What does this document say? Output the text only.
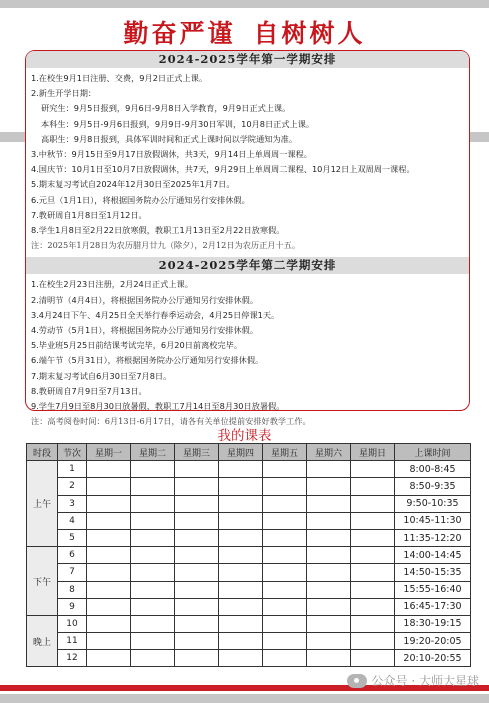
勤奋严谨 自树树人
2024-2025学年第一学期安排
1.在校生9月1日注册、交费，9月2日正式上课。
2.新生开学日期：
研究生：9月5日报到，9月6日-9月8日入学教育，9月9日正式上课。
本科生：9月5日-9月6日报到，9月9日-9月30日军训，10月8日正式上课。
高职生：9月8日报到，具体军训时间和正式上课时间以学院通知为准。
3.中秋节：9月15日至9月17日放假调休，共3天，9月14日上单周周一课程。
4.国庆节：10月1日至10月7日放假调休，共7天，9月29日上单周周二课程、10月12日上双周周一课程。
5.期末复习考试自2024年12月30日至2025年1月7日。
6.元旦（1月1日），将根据国务院办公厅通知另行安排休假。
7.教研周自1月8日至1月12日。
8.学生1月8日至2月22日放寒假，教职工1月13日至2月22日放寒假。
注：2025年1月28日为农历腊月廿九（除夕），2月12日为农历正月十五。
2024-2025学年第二学期安排
1.在校生2月23日注册，2月24日正式上课。
2.清明节（4月4日），将根据国务院办公厅通知另行安排休假。
3.4月24日下午、4月25日全天举行春季运动会，4月25日停课1天。
4.劳动节（5月1日），将根据国务院办公厅通知另行安排休假。
5.毕业班5月25日前结课考试完毕，6月20日前离校完毕。
6.端午节（5月31日），将根据国务院办公厅通知另行安排休假。
7.期末复习考试自6月30日至7月8日。
8.教研周自7月9日至7月13日。
9.学生7月9日至8月30日放暑假，教职工7月14日至8月30日放暑假。
注：高考阅卷时间：6月13日-6月17日，请各有关单位提前安排好教学工作。
我的课表
时段	节次	星期一	星期二	星期三	星期四	星期五	星期六	星期日	上课时间
上午	1								8:00-8:45
	2								8:50-9:35
	3								9:50-10:35
	4								10:45-11:30
	5								11:35-12:20
下午	6								14:00-14:45
	7								14:50-15:35
	8								15:55-16:40
	9								16:45-17:30
晚上	10								18:30-19:15
	11								19:20-20:05
	12								20:10-20:55
公众号 · 大师大星球
